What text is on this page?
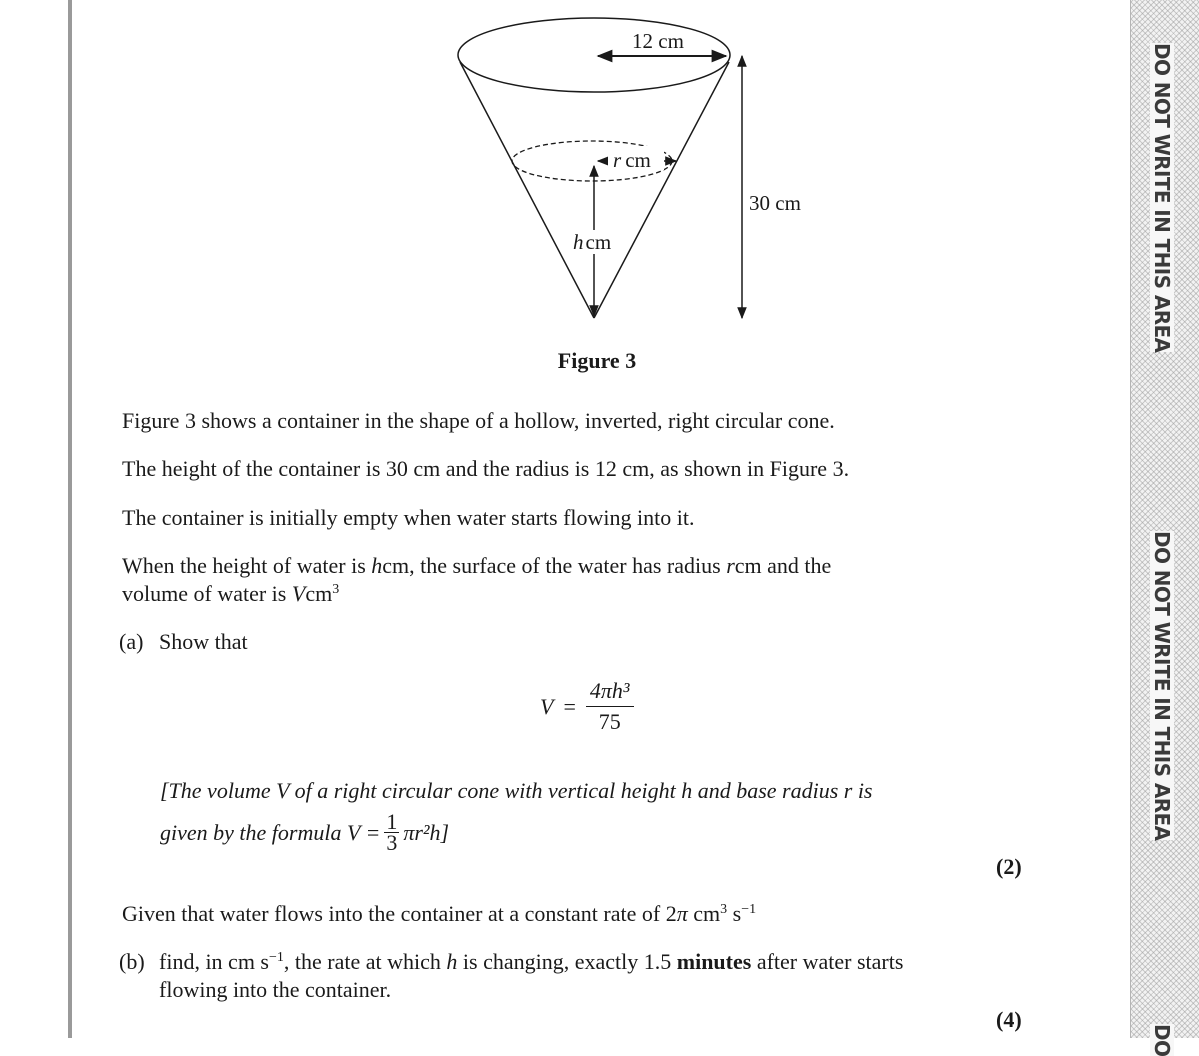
DO NOT WRITE IN THIS AREA
DO NOT WRITE IN THIS AREA
DO
12 cm
r cm
hcm
30 cm
Figure 3
Figure 3 shows a container in the shape of a hollow, inverted, right circular cone.
The height of the container is 30 cm and the radius is 12 cm, as shown in Figure 3.
The container is initially empty when water starts flowing into it.
When the height of water is hcm, the surface of the water has radius rcm and the
volume of water is Vcm$^3$
(a) Show that
$V = \frac{\text{4πh³}}{75}$
[The volume V of a right circular cone with vertical height h and base radius r is
given by the formula $V = \frac{1}{3} \pi r^2h$]
(2)
Given that water flows into the container at a constant rate of 2π $cm^3$ $s^{-1}$
(b) find, in cm $s^{-1}$, the rate at which h is changing, exactly 1.5 minutes after water starts
flowing into the container.
(4)
